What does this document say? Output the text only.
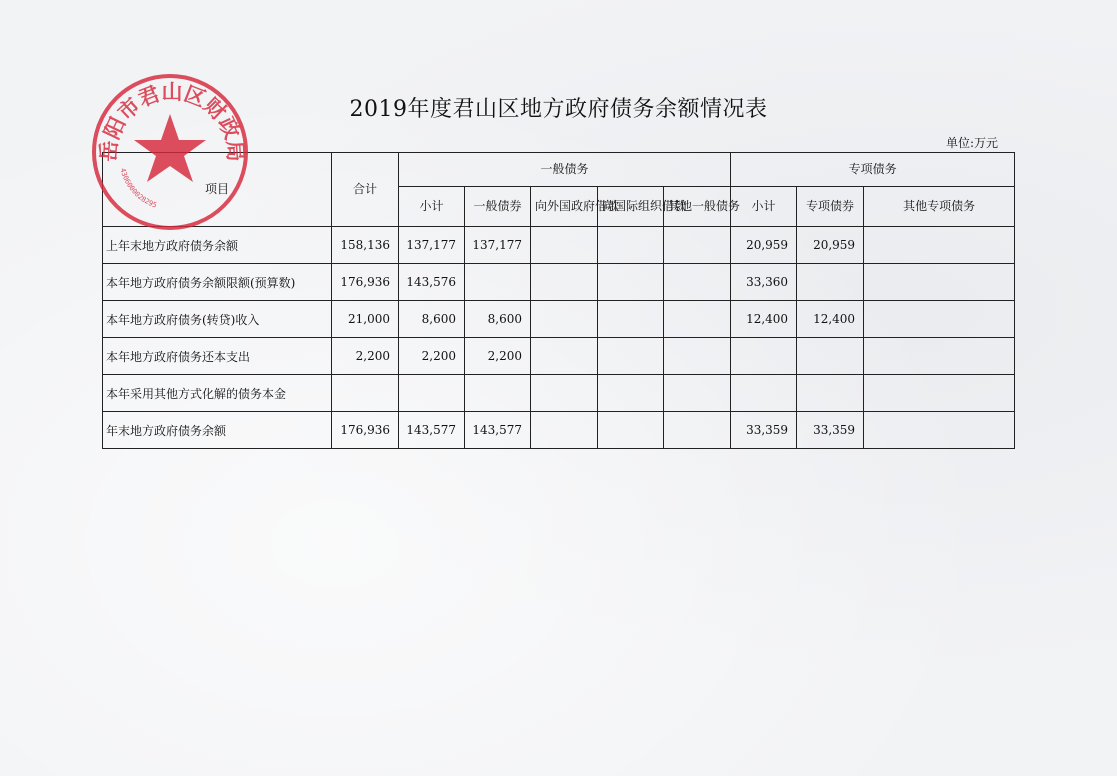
2019年度君山区地方政府债务余额情况表
单位:万元
项目	合计	一般债务					专项债务		
		小计	一般债券	向外国政府借款	向国际组织借款	其他一般债务	小计	专项债券	其他专项债务
上年末地方政府债务余额	158,136	137,177	137,177				20,959	20,959	
本年地方政府债务余额限额(预算数)	176,936	143,576					33,360		
本年地方政府债务(转贷)收入	21,000	8,600	8,600				12,400	12,400	
本年地方政府债务还本支出	2,200	2,200	2,200						
本年采用其他方式化解的债务本金									
年末地方政府债务余额	176,936	143,577	143,577				33,359	33,359	
岳阳市君山区财政局
4306000028295
